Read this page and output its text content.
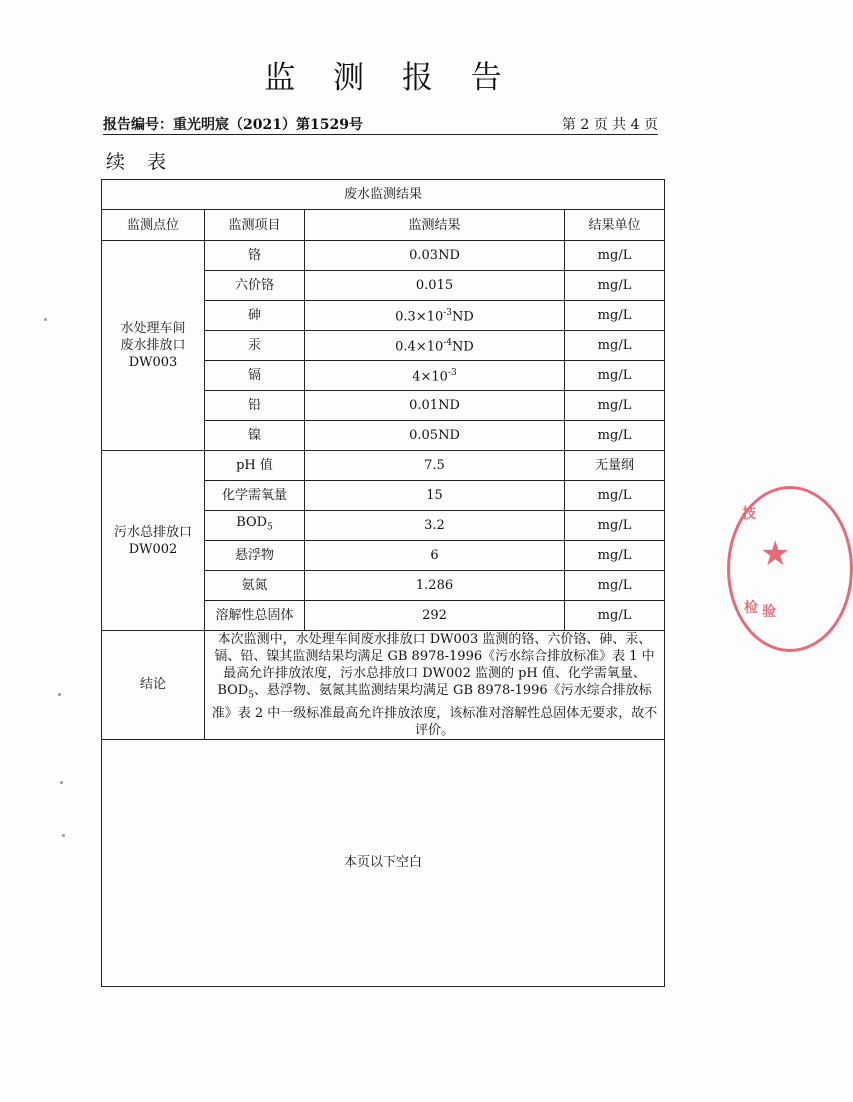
监 测 报 告
报告编号：重光明宸（2021）第1529号	第 2 页 共 4 页
续 表
废水监测结果			
监测点位	监测项目	监测结果	结果单位

水处理车间
废水排放口
DW003	铬	0.03ND	mg/L
	六价铬	0.015	mg/L
	砷	$0.3\times 10^{-3}ND$	mg/L
	汞	$0.4\times 10^{-4}ND$	mg/L
	镉	$4\times 10^{-3}$	mg/L
	铅	0.01ND	mg/L
	镍	0.05ND	mg/L

污水总排放口
DW002	pH 值	7.5	无量纲
	化学需氧量	15	mg/L
	$BOD_5$	3.2	mg/L
	悬浮物	6	mg/L
	氨氮	1.286	mg/L
	溶解性总固体	292	mg/L
结论	本次监测中，水处理车间废水排放口 DW003 监测的铬、六价铬、砷、汞、镉、铅、镍其监测结果均满足 GB 8978-1996《污水综合排放标准》表 1 中最高允许排放浓度，污水总排放口 DW002 监测的 pH 值、化学需氧量、$BOD_5$、悬浮物、氨氮其监测结果均满足 GB 8978-1996《污水综合排放标准》表 2 中一级标准最高允许排放浓度，该标准对溶解性总固体无要求，故不评价。		
本页以下空白			
技
★
检 验
